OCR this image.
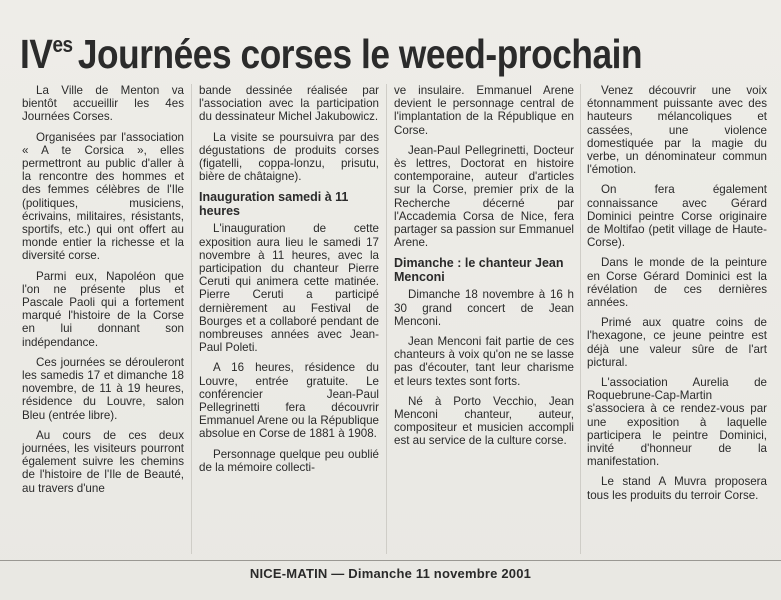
$IV^{es}$ Journées corses le weed-prochain

La Ville de Menton va bientôt accueillir les 4es Journées Corses.

Organisées par l'association « A te Corsica », elles permettront au public d'aller à la rencontre des hommes et des femmes célèbres de l'Ile (politiques, musiciens, écrivains, militaires, résistants, sportifs, etc.) qui ont offert au monde entier la richesse et la diversité corse.

Parmi eux, Napoléon que l'on ne présente plus et Pascale Paoli qui a fortement marqué l'histoire de la Corse en lui donnant son indépendance.

Ces journées se dérouleront les samedis 17 et dimanche 18 novembre, de 11 à 19 heures, résidence du Louvre, salon Bleu (entrée libre).

Au cours de ces deux journées, les visiteurs pourront également suivre les chemins de l'histoire de l'Ile de Beauté, au travers d'une

bande dessinée réalisée par l'association avec la participation du dessinateur Michel Jakubowicz.

La visite se poursuivra par des dégustations de produits corses (figatelli, coppa-lonzu, prisutu, bière de châtaigne).

Inauguration samedi à 11 heures

L'inauguration de cette exposition aura lieu le samedi 17 novembre à 11 heures, avec la participation du chanteur Pierre Ceruti qui animera cette matinée. Pierre Ceruti a participé dernièrement au Festival de Bourges et a collaboré pendant de nombreuses années avec Jean-Paul Poleti.

A 16 heures, résidence du Louvre, entrée gratuite. Le conférencier Jean-Paul Pellegrinetti fera découvrir Emmanuel Arene ou la République absolue en Corse de 1881 à 1908.

Personnage quelque peu oublié de la mémoire collecti-

ve insulaire. Emmanuel Arene devient le personnage central de l'implantation de la République en Corse.

Jean-Paul Pellegrinetti, Docteur ès lettres, Doctorat en histoire contemporaine, auteur d'articles sur la Corse, premier prix de la Recherche décerné par l'Accademia Corsa de Nice, fera partager sa passion sur Emmanuel Arene.

Dimanche : le chanteur Jean Menconi

Dimanche 18 novembre à 16 h 30 grand concert de Jean Menconi.

Jean Menconi fait partie de ces chanteurs à voix qu'on ne se lasse pas d'écouter, tant leur charisme et leurs textes sont forts.

Né à Porto Vecchio, Jean Menconi chanteur, auteur, compositeur et musicien accompli est au service de la culture corse.

Venez découvrir une voix étonnamment puissante avec des hauteurs mélancoliques et cassées, une violence domestiquée par la magie du verbe, un dénominateur commun l'émotion.

On fera également connaissance avec Gérard Dominici peintre Corse originaire de Moltifao (petit village de Haute-Corse).

Dans le monde de la peinture en Corse Gérard Dominici est la révélation de ces dernières années.

Primé aux quatre coins de l'hexagone, ce jeune peintre est déjà une valeur sûre de l'art pictural.

L'association Aurelia de Roquebrune-Cap-Martin s'associera à ce rendez-vous par une exposition à laquelle participera le peintre Dominici, invité d'honneur de la manifestation.

Le stand A Muvra proposera tous les produits du terroir Corse.

NICE-MATIN — Dimanche 11 novembre 2001
